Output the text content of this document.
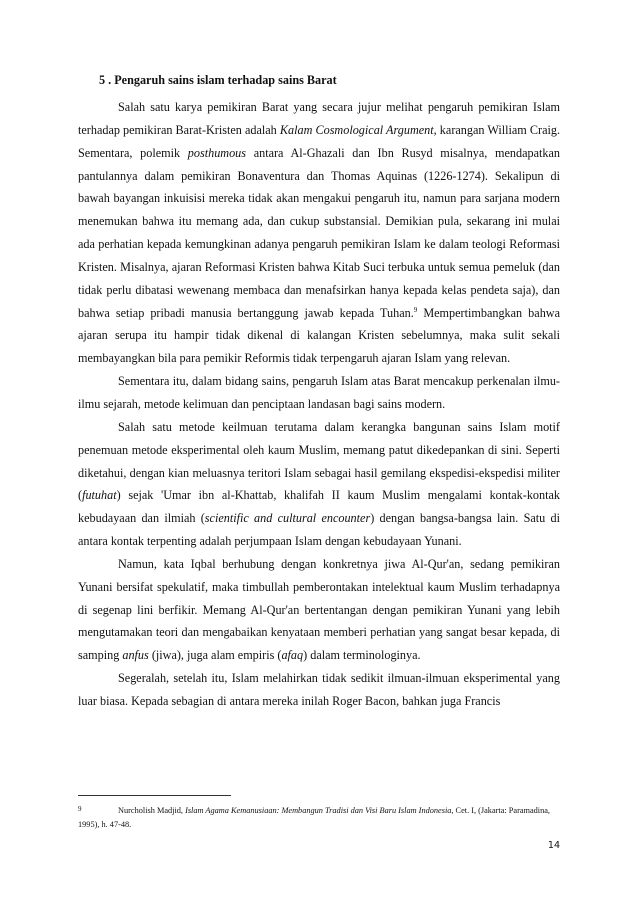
5 . Pengaruh sains islam terhadap sains Barat

Salah satu karya pemikiran Barat yang secara jujur melihat pengaruh pemikiran Islam terhadap pemikiran Barat-Kristen adalah Kalam Cosmological Argument, karangan William Craig. Sementara, polemik posthumous antara Al-Ghazali dan Ibn Rusyd misalnya, mendapatkan pantulannya dalam pemikiran Bonaventura dan Thomas Aquinas (1226-1274). Sekalipun di bawah bayangan inkuisisi mereka tidak akan mengakui pengaruh itu, namun para sarjana modern menemukan bahwa itu memang ada, dan cukup substansial. Demikian pula, sekarang ini mulai ada perhatian kepada kemungkinan adanya pengaruh pemikiran Islam ke dalam teologi Reformasi Kristen. Misalnya, ajaran Reformasi Kristen bahwa Kitab Suci terbuka untuk semua pemeluk (dan tidak perlu dibatasi wewenang membaca dan menafsirkan hanya kepada kelas pendeta saja), dan bahwa setiap pribadi manusia bertanggung jawab kepada Tuhan.$^9$ Mempertimbangkan bahwa ajaran serupa itu hampir tidak dikenal di kalangan Kristen sebelumnya, maka sulit sekali membayangkan bila para pemikir Reformis tidak terpengaruh ajaran Islam yang relevan.

Sementara itu, dalam bidang sains, pengaruh Islam atas Barat mencakup perkenalan ilmu-ilmu sejarah, metode kelimuan dan penciptaan landasan bagi sains modern.

Salah satu metode keilmuan terutama dalam kerangka bangunan sains Islam motif penemuan metode eksperimental oleh kaum Muslim, memang patut dikedepankan di sini. Seperti diketahui, dengan kian meluasnya teritori Islam sebagai hasil gemilang ekspedisi-ekspedisi militer (futuhat) sejak 'Umar ibn al-Khattab, khalifah II kaum Muslim mengalami kontak-kontak kebudayaan dan ilmiah (scientific and cultural encounter) dengan bangsa-bangsa lain. Satu di antara kontak terpenting adalah perjumpaan Islam dengan kebudayaan Yunani.

Namun, kata Iqbal berhubung dengan konkretnya jiwa Al-Qur'an, sedang pemikiran Yunani bersifat spekulatif, maka timbullah pemberontakan intelektual kaum Muslim terhadapnya di segenap lini berfikir. Memang Al-Qur'an bertentangan dengan pemikiran Yunani yang lebih mengutamakan teori dan mengabaikan kenyataan memberi perhatian yang sangat besar kepada, di samping anfus (jiwa), juga alam empiris (afaq) dalam terminologinya.

Segeralah, setelah itu, Islam melahirkan tidak sedikit ilmuan-ilmuan eksperimental yang luar biasa. Kepada sebagian di antara mereka inilah Roger Bacon, bahkan juga Francis

9	Nurcholish Madjid, Islam Agama Kemanusiaan: Membangun Tradisi dan Visi Baru Islam Indonesia, Cet. I, (Jakarta: Paramadina, 1995), h. 47-48.
14
